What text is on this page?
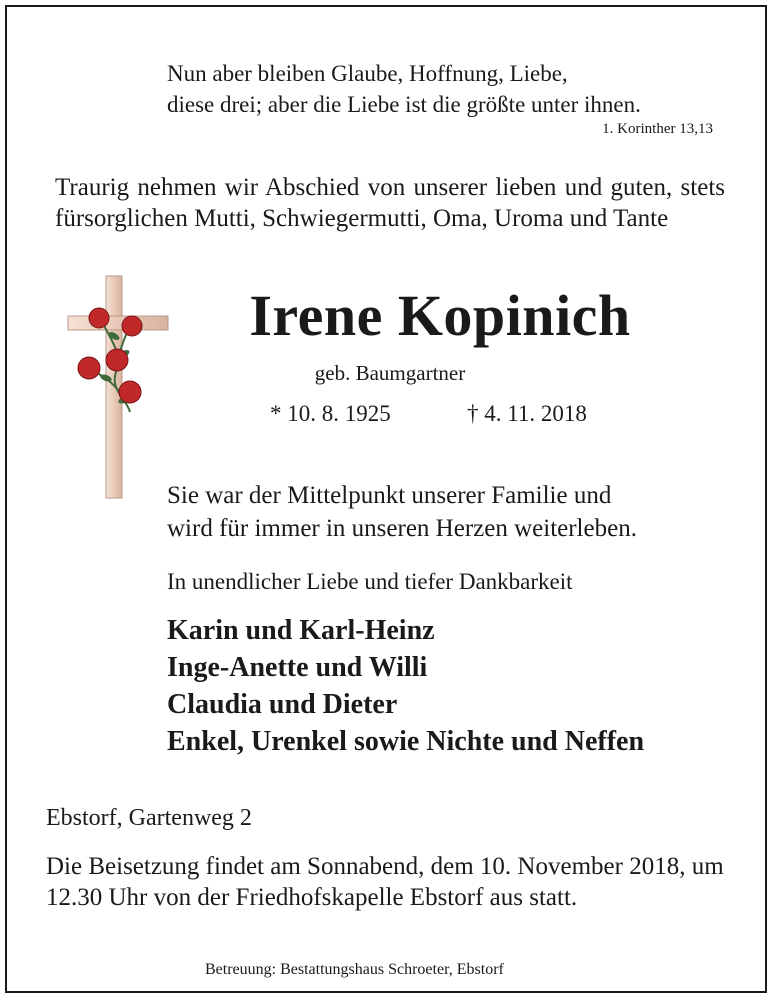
Nun aber bleiben Glaube, Hoffnung, Liebe,
diese drei; aber die Liebe ist die größte unter ihnen.
1. Korinther 13,13
Traurig nehmen wir Abschied von unserer lieben und guten, stets fürsorglichen Mutti, Schwiegermutti, Oma, Uroma und Tante
Irene Kopinich
geb. Baumgartner
* 10. 8. 1925	† 4. 11. 2018
Sie war der Mittelpunkt unserer Familie und
wird für immer in unseren Herzen weiterleben.
In unendlicher Liebe und tiefer Dankbarkeit
Karin und Karl-Heinz
Inge-Anette und Willi
Claudia und Dieter
Enkel, Urenkel sowie Nichte und Neffen
Ebstorf, Gartenweg 2
Die Beisetzung findet am Sonnabend, dem 10. November 2018, um 12.30 Uhr von der Friedhofskapelle Ebstorf aus statt.
Betreuung: Bestattungshaus Schroeter, Ebstorf
